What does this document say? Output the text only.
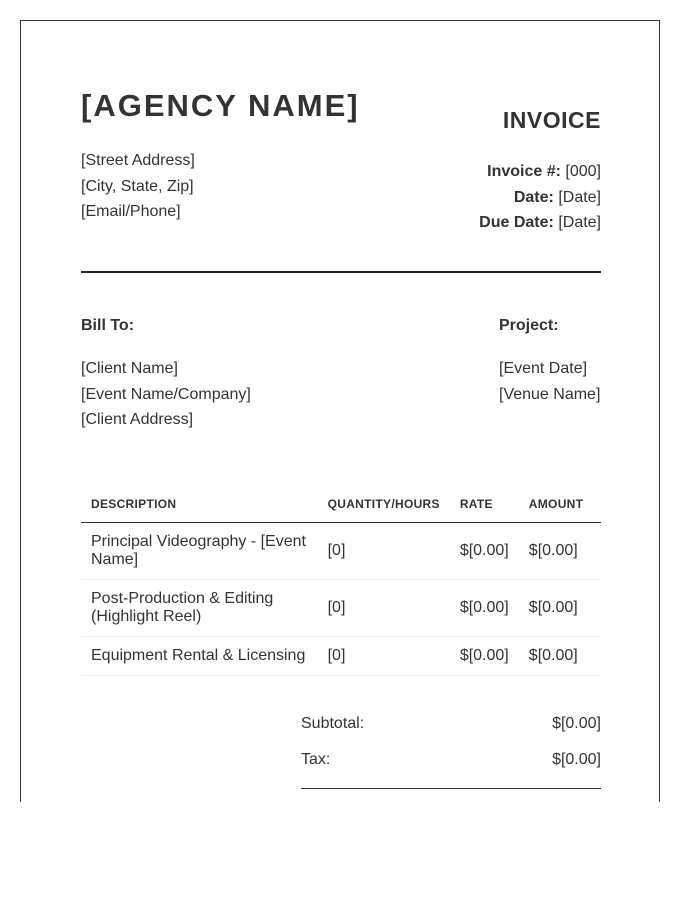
[AGENCY NAME]	INVOICE
[Street Address]
[City, State, Zip]
[Email/Phone]
Invoice #: [000]
Date: [Date]
Due Date: [Date]
Bill To:	Project:
[Client Name]
[Event Name/Company]
[Client Address]
[Event Date]
[Venue Name]
DESCRIPTION	QUANTITY/HOURS	RATE	AMOUNT
Principal Videography - [Event Name]	[0]	$[0.00]	$[0.00]
Post-Production & Editing (Highlight Reel)	[0]	$[0.00]	$[0.00]
Equipment Rental & Licensing	[0]	$[0.00]	$[0.00]
Subtotal:	$[0.00]
Tax:	$[0.00]
